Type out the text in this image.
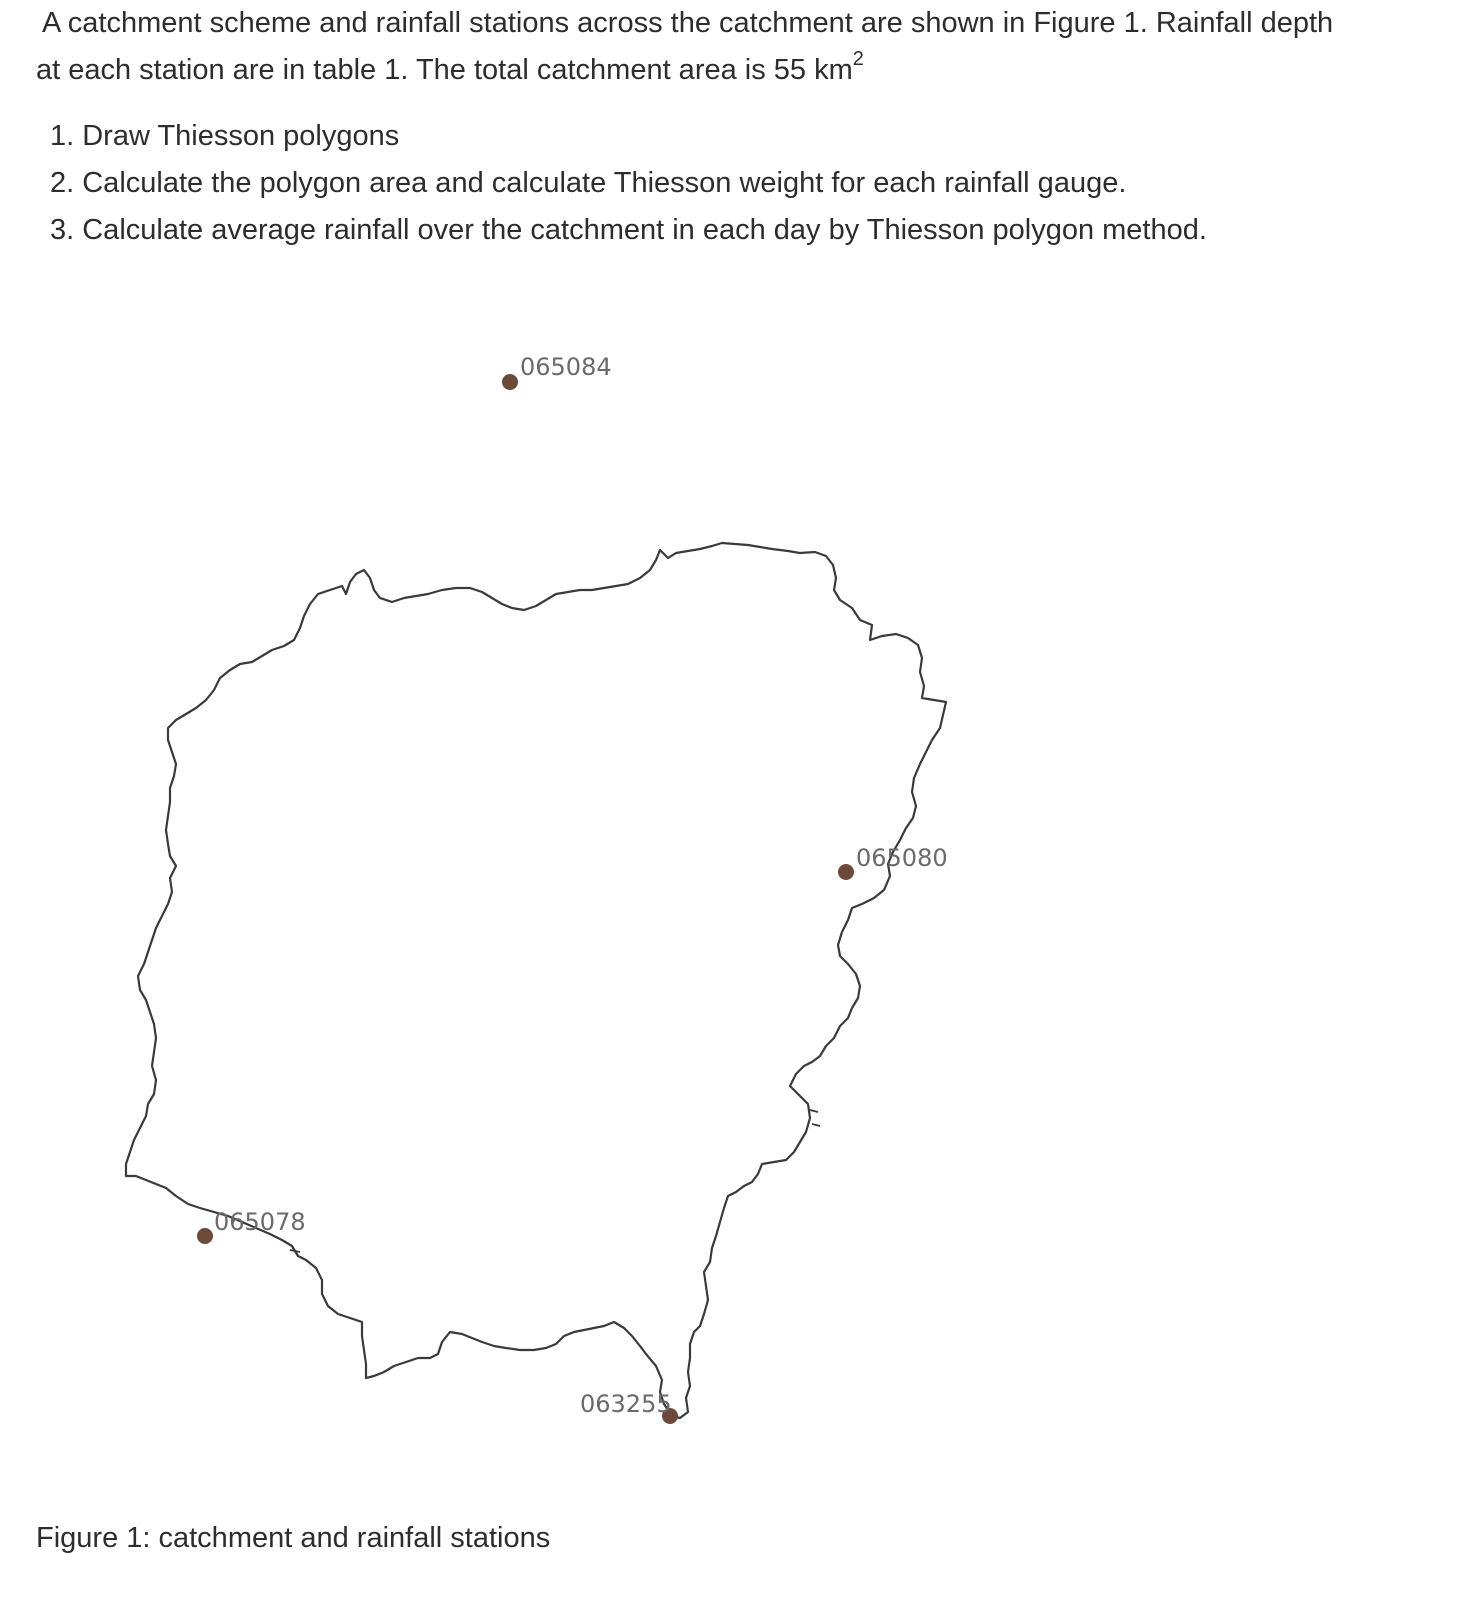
A catchment scheme and rainfall stations across the catchment are shown in Figure 1. Rainfall depth
at each station are in table 1. The total catchment area is 55 $km^2$
1. Draw Thiesson polygons
2. Calculate the polygon area and calculate Thiesson weight for each rainfall gauge.
3. Calculate average rainfall over the catchment in each day by Thiesson polygon method.
065084
065080
065078
063255
Figure 1: catchment and rainfall stations
